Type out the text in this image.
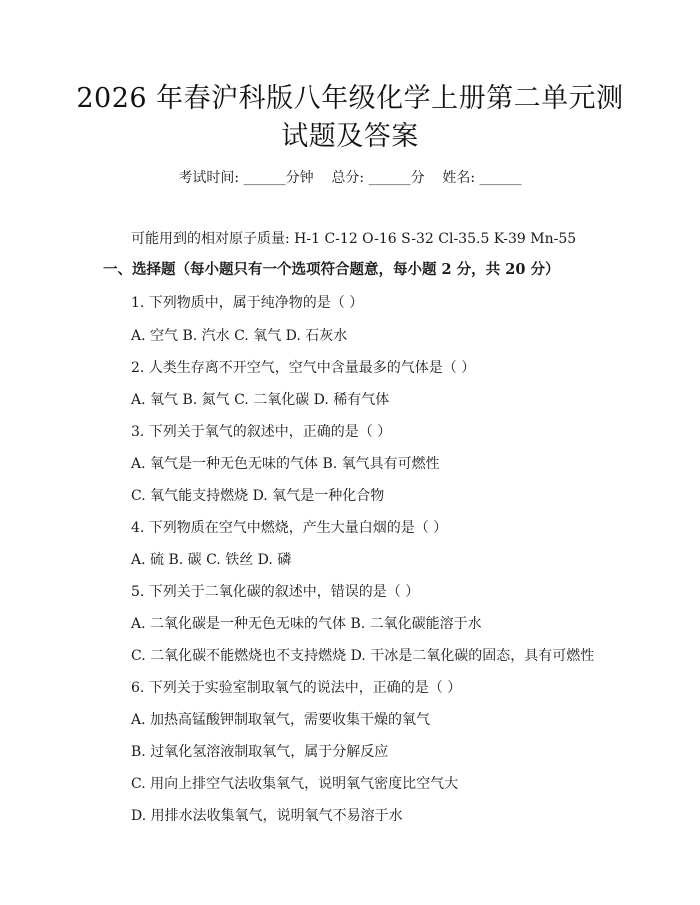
2026 年春沪科版八年级化学上册第二单元测
试题及答案
考试时间: ______分钟    总分: ______分    姓名: ______
可能用到的相对原子质量: H-1 C-12 O-16 S-32 Cl-35.5 K-39 Mn-55
一、选择题（每小题只有一个选项符合题意，每小题 2 分，共 20 分）
1. 下列物质中，属于纯净物的是（ ）
A. 空气 B. 汽水 C. 氧气 D. 石灰水
2. 人类生存离不开空气，空气中含量最多的气体是（ ）
A. 氧气 B. 氮气 C. 二氧化碳 D. 稀有气体
3. 下列关于氧气的叙述中，正确的是（ ）
A. 氧气是一种无色无味的气体 B. 氧气具有可燃性
C. 氧气能支持燃烧 D. 氧气是一种化合物
4. 下列物质在空气中燃烧，产生大量白烟的是（ ）
A. 硫 B. 碳 C. 铁丝 D. 磷
5. 下列关于二氧化碳的叙述中，错误的是（ ）
A. 二氧化碳是一种无色无味的气体 B. 二氧化碳能溶于水
C. 二氧化碳不能燃烧也不支持燃烧 D. 干冰是二氧化碳的固态，具有可燃性
6. 下列关于实验室制取氧气的说法中，正确的是（ ）
A. 加热高锰酸钾制取氧气，需要收集干燥的氧气
B. 过氧化氢溶液制取氧气，属于分解反应
C. 用向上排空气法收集氧气，说明氧气密度比空气大
D. 用排水法收集氧气，说明氧气不易溶于水
